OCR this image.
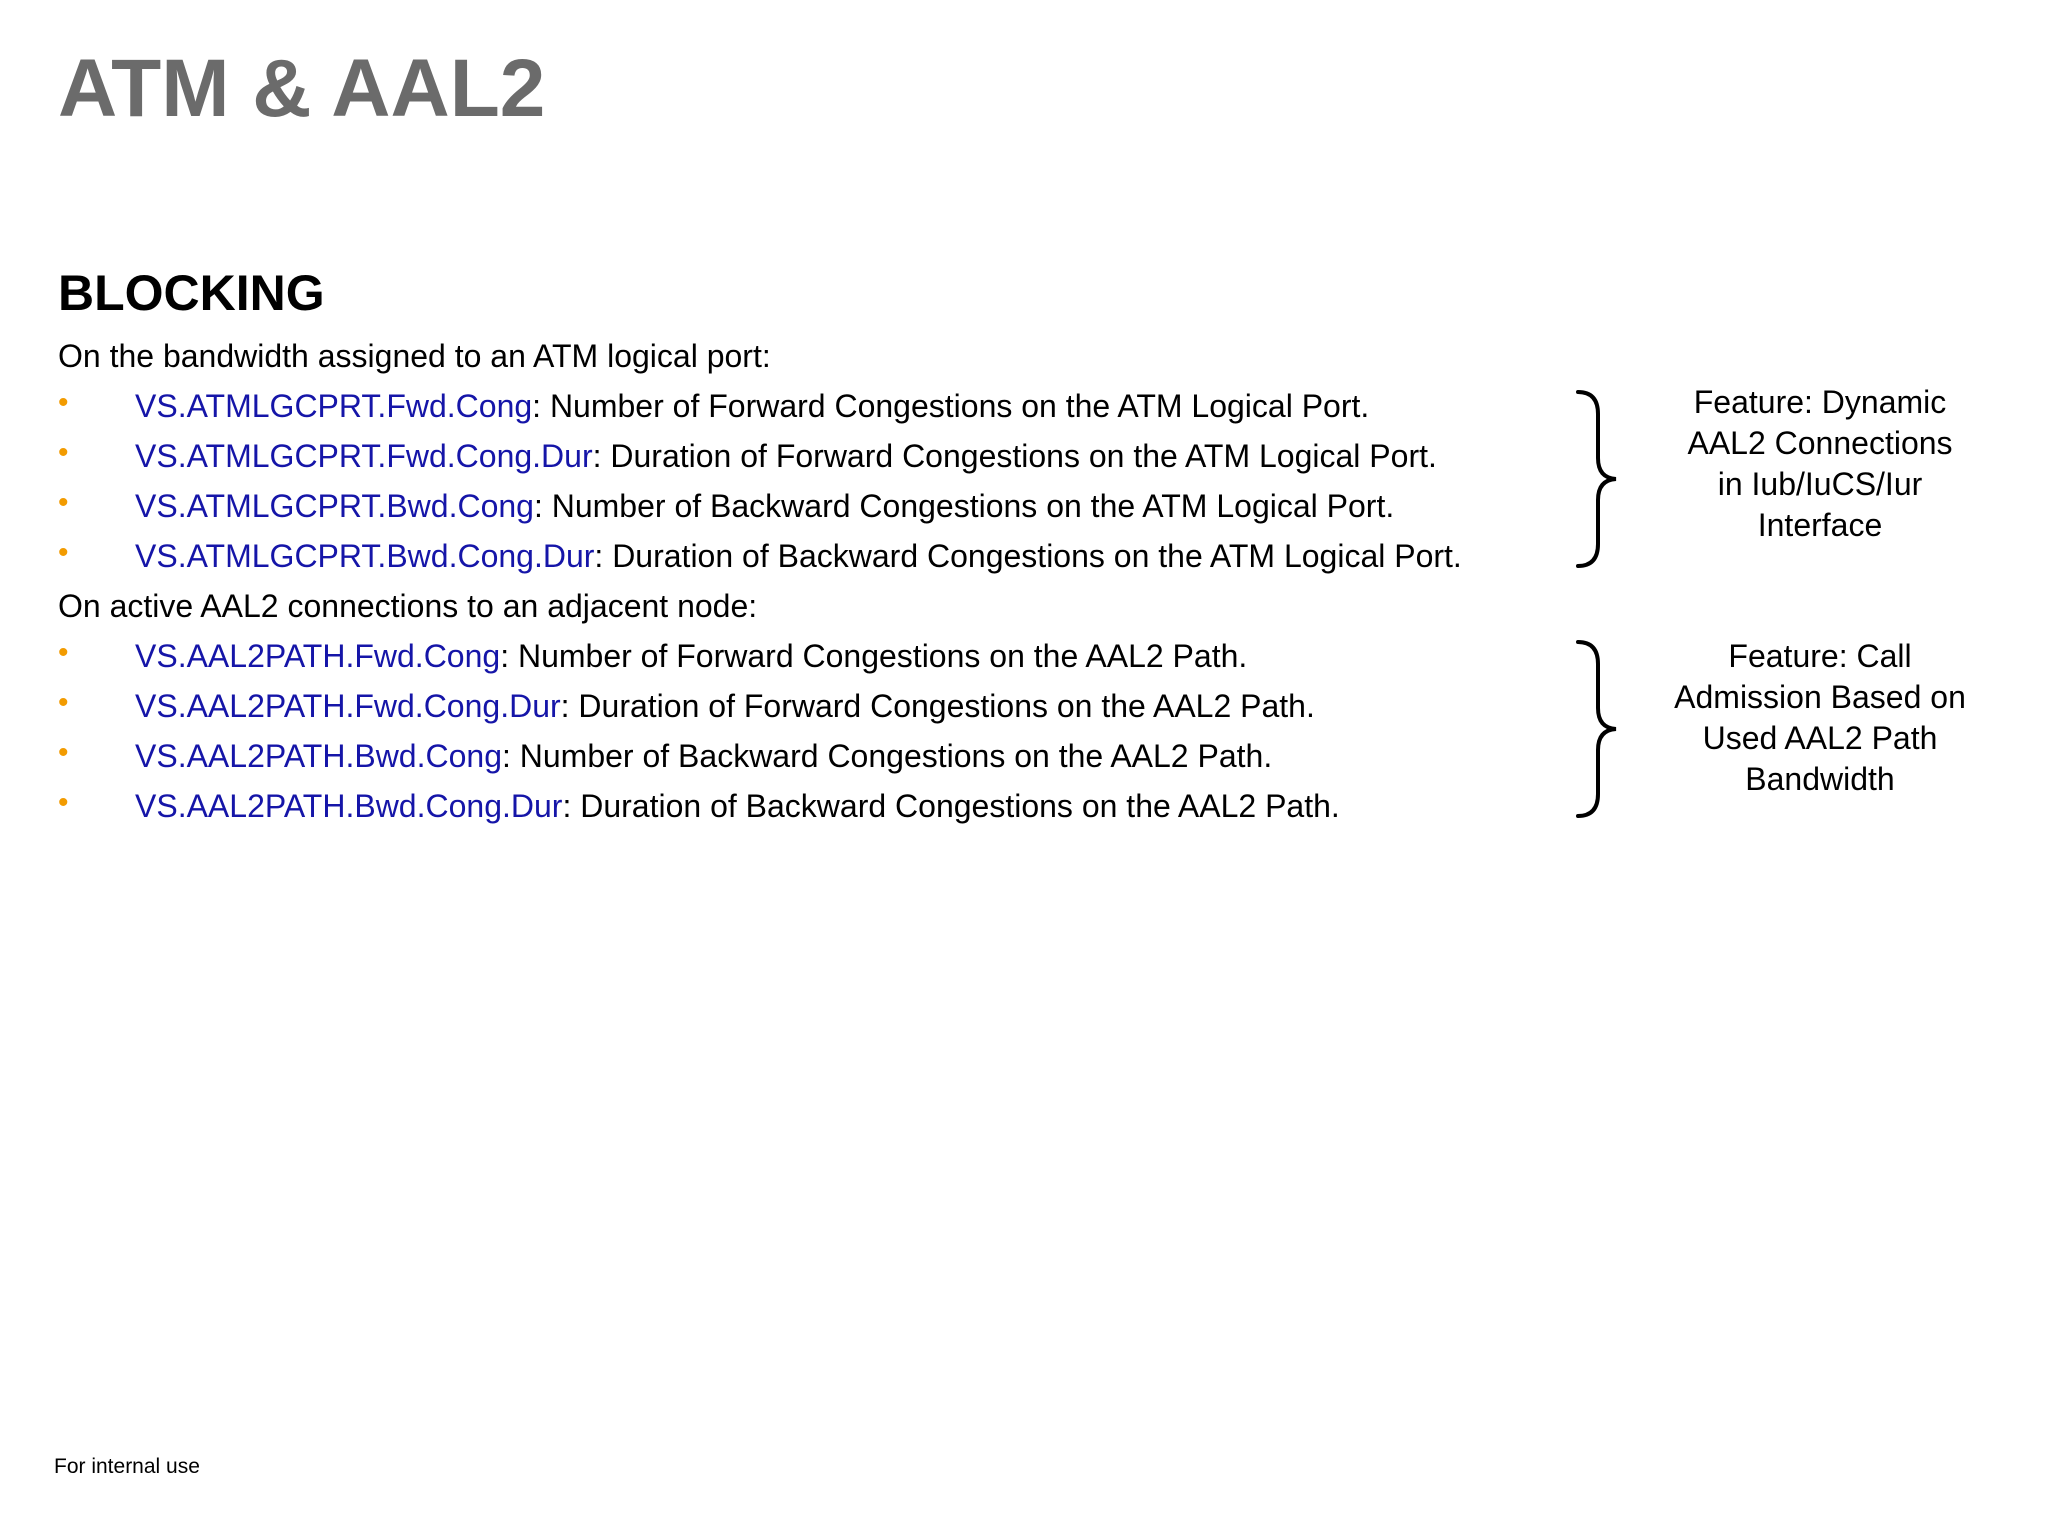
ATM & AAL2
BLOCKING

On the bandwidth assigned to an ATM logical port:

• VS.ATMLGCPRT.Fwd.Cong: Number of Forward Congestions on the ATM Logical Port.
• VS.ATMLGCPRT.Fwd.Cong.Dur: Duration of Forward Congestions on the ATM Logical Port.
• VS.ATMLGCPRT.Bwd.Cong: Number of Backward Congestions on the ATM Logical Port.
• VS.ATMLGCPRT.Bwd.Cong.Dur: Duration of Backward Congestions on the ATM Logical Port.
Feature: Dynamic
AAL2 Connections
in Iub/IuCS/Iur
Interface

On active AAL2 connections to an adjacent node:

• VS.AAL2PATH.Fwd.Cong: Number of Forward Congestions on the AAL2 Path.
• VS.AAL2PATH.Fwd.Cong.Dur: Duration of Forward Congestions on the AAL2 Path.
• VS.AAL2PATH.Bwd.Cong: Number of Backward Congestions on the AAL2 Path.
• VS.AAL2PATH.Bwd.Cong.Dur: Duration of Backward Congestions on the AAL2 Path.
Feature: Call
Admission Based on
Used AAL2 Path
Bandwidth

For internal use
